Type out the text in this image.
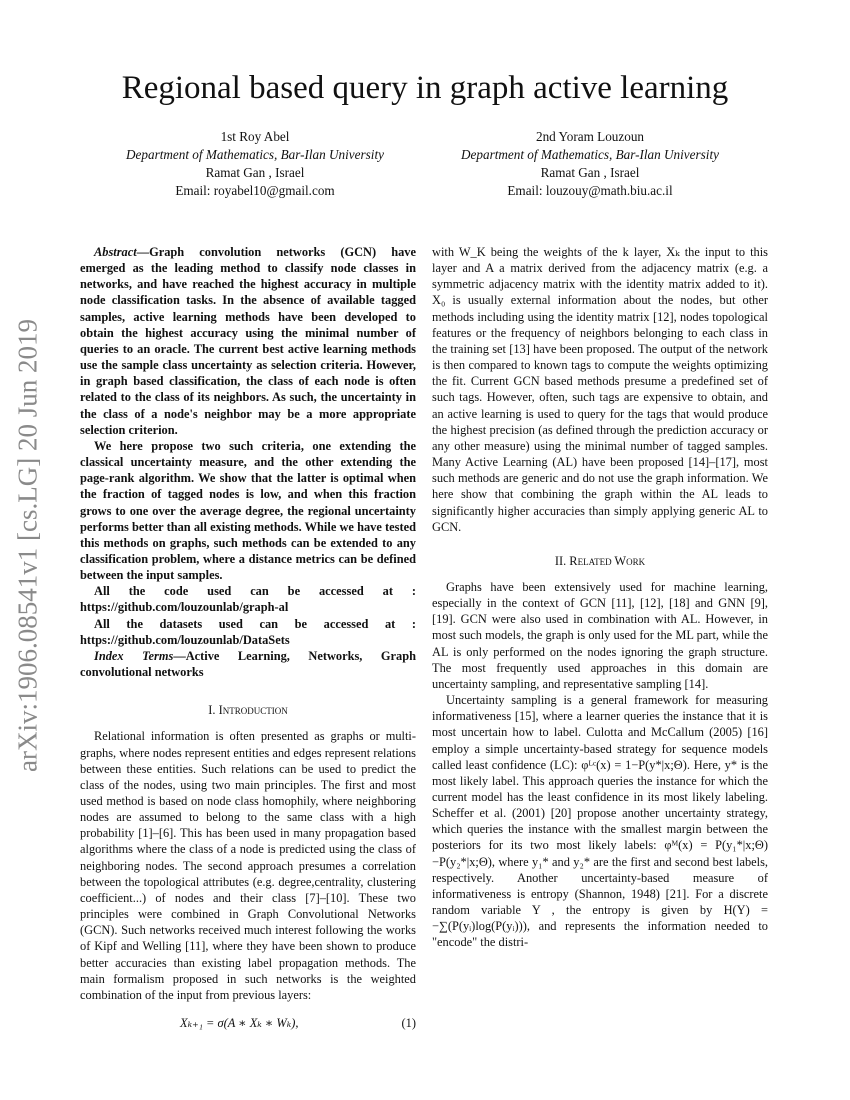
arXiv:1906.08541v1 [cs.LG] 20 Jun 2019
Regional based query in graph active learning
1st Roy Abel
Department of Mathematics, Bar-Ilan University
Ramat Gan , Israel
Email: royabel10@gmail.com
2nd Yoram Louzoun
Department of Mathematics, Bar-Ilan University
Ramat Gan , Israel
Email: louzouy@math.biu.ac.il

Abstract—Graph convolution networks (GCN) have emerged as the leading method to classify node classes in networks, and have reached the highest accuracy in multiple node classification tasks. In the absence of available tagged samples, active learning methods have been developed to obtain the highest accuracy using the minimal number of queries to an oracle. The current best active learning methods use the sample class uncertainty as selection criteria. However, in graph based classification, the class of each node is often related to the class of its neighbors. As such, the uncertainty in the class of a node's neighbor may be a more appropriate selection criterion.

We here propose two such criteria, one extending the classical uncertainty measure, and the other extending the page-rank algorithm. We show that the latter is optimal when the fraction of tagged nodes is low, and when this fraction grows to one over the average degree, the regional uncertainty performs better than all existing methods. While we have tested this methods on graphs, such methods can be extended to any classification problem, where a distance metrics can be defined between the input samples.

All the code used can be accessed at : https://github.com/louzounlab/graph-al

All the datasets used can be accessed at : https://github.com/louzounlab/DataSets

Index Terms—Active Learning, Networks, Graph convolutional networks

I. Introduction

Relational information is often presented as graphs or multi-graphs, where nodes represent entities and edges represent relations between these entities. Such relations can be used to predict the class of the nodes, using two main principles. The first and most used method is based on node class homophily, where neighboring nodes are assumed to belong to the same class with a high probability [1]–[6]. This has been used in many propagation based algorithms where the class of a node is predicted using the class of neighboring nodes. The second approach presumes a correlation between the topological attributes (e.g. degree,centrality, clustering coefficient...) of nodes and their class [7]–[10]. These two principles were combined in Graph Convolutional Networks (GCN). Such networks received much interest following the works of Kipf and Welling [11], where they have been shown to produce better accuracies than existing label propagation methods. The main formalism proposed in such networks is the weighted combination of the input from previous layers:

Xₖ₊₁ = σ(A ∗ Xₖ ∗ Wₖ),	(1)

with W_K being the weights of the k layer, Xₖ the input to this layer and A a matrix derived from the adjacency matrix (e.g. a symmetric adjacency matrix with the identity matrix added to it). X₀ is usually external information about the nodes, but other methods including using the identity matrix [12], nodes topological features or the frequency of neighbors belonging to each class in the training set [13] have been proposed. The output of the network is then compared to known tags to compute the weights optimizing the fit. Current GCN based methods presume a predefined set of such tags. However, often, such tags are expensive to obtain, and an active learning is used to query for the tags that would produce the highest precision (as defined through the prediction accuracy or any other measure) using the minimal number of tagged samples. Many Active Learning (AL) have been proposed [14]–[17], most such methods are generic and do not use the graph information. We here show that combining the graph within the AL leads to significantly higher accuracies than simply applying generic AL to GCN.

II. Related Work

Graphs have been extensively used for machine learning, especially in the context of GCN [11], [12], [18] and GNN [9], [19]. GCN were also used in combination with AL. However, in most such models, the graph is only used for the ML part, while the AL is only performed on the nodes ignoring the graph structure. The most frequently used approaches in this domain are uncertainty sampling, and representative sampling [14].

Uncertainty sampling is a general framework for measuring informativeness [15], where a learner queries the instance that it is most uncertain how to label. Culotta and McCallum (2005) [16] employ a simple uncertainty-based strategy for sequence models called least confidence (LC): φᴸᶜ(x) = 1−P(y*|x;Θ). Here, y* is the most likely label. This approach queries the instance for which the current model has the least confidence in its most likely labeling. Scheffer et al. (2001) [20] propose another uncertainty strategy, which queries the instance with the smallest margin between the posteriors for its two most likely labels: φᴹ(x) = P(y₁*|x;Θ)−P(y₂*|x;Θ), where y₁* and y₂* are the first and second best labels, respectively. Another uncertainty-based measure of informativeness is entropy (Shannon, 1948) [21]. For a discrete random variable Y , the entropy is given by H(Y) = −∑(P(yᵢ)log(P(yᵢ))), and represents the information needed to "encode" the distri-
